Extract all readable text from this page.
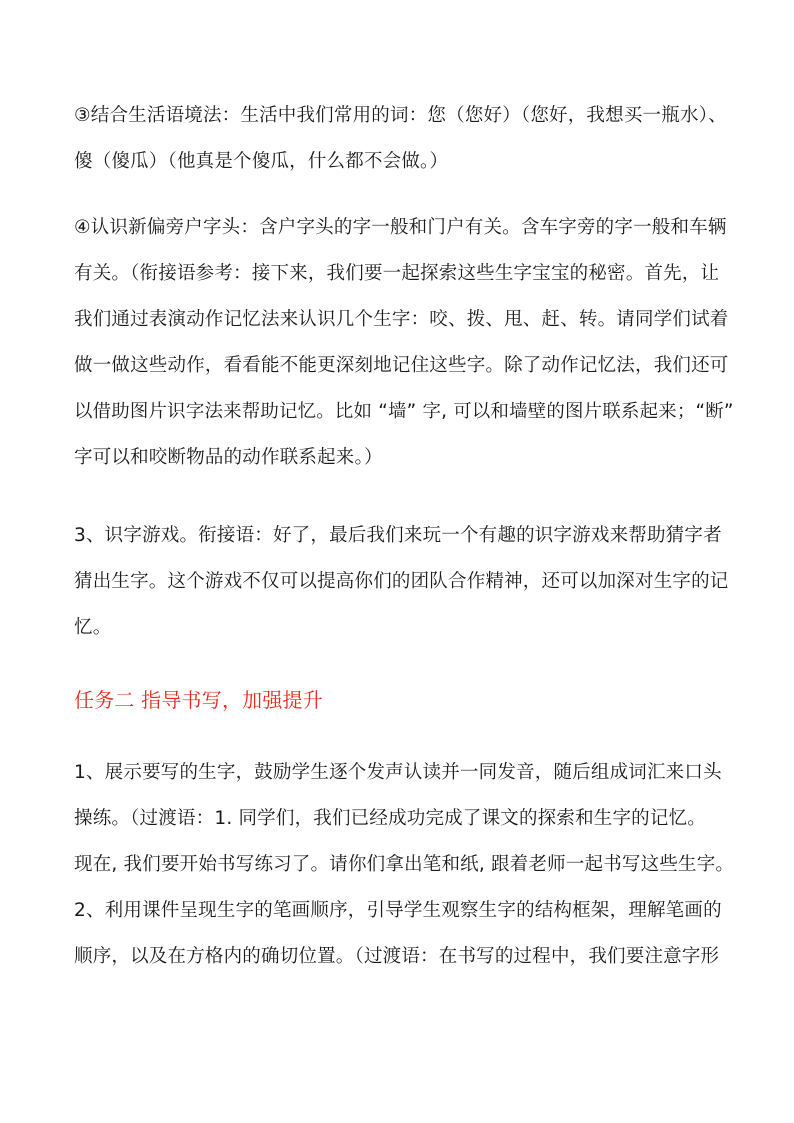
③结合生活语境法：生活中我们常用的词：您（您好）（您好，我想买一瓶水）、
傻（傻瓜）（他真是个傻瓜，什么都不会做。）
④认识新偏旁户字头：含户字头的字一般和门户有关。含车字旁的字一般和车辆
有关。（衔接语参考：接下来，我们要一起探索这些生字宝宝的秘密。首先，让
我们通过表演动作记忆法来认识几个生字：咬、拨、甩、赶、转。请同学们试着
做一做这些动作，看看能不能更深刻地记住这些字。除了动作记忆法，我们还可
以借助图片识字法来帮助记忆。比如 “墙” 字, 可以和墙壁的图片联系起来；“断”
字可以和咬断物品的动作联系起来。）
3、识字游戏。衔接语：好了，最后我们来玩一个有趣的识字游戏来帮助猜字者
猜出生字。这个游戏不仅可以提高你们的团队合作精神，还可以加深对生字的记
忆。
任务二 指导书写，加强提升
1、展示要写的生字，鼓励学生逐个发声认读并一同发音，随后组成词汇来口头
操练。（过渡语：1. 同学们，我们已经成功完成了课文的探索和生字的记忆。
现在, 我们要开始书写练习了。请你们拿出笔和纸, 跟着老师一起书写这些生字。
2、利用课件呈现生字的笔画顺序，引导学生观察生字的结构框架，理解笔画的
顺序，以及在方格内的确切位置。（过渡语：在书写的过程中，我们要注意字形
